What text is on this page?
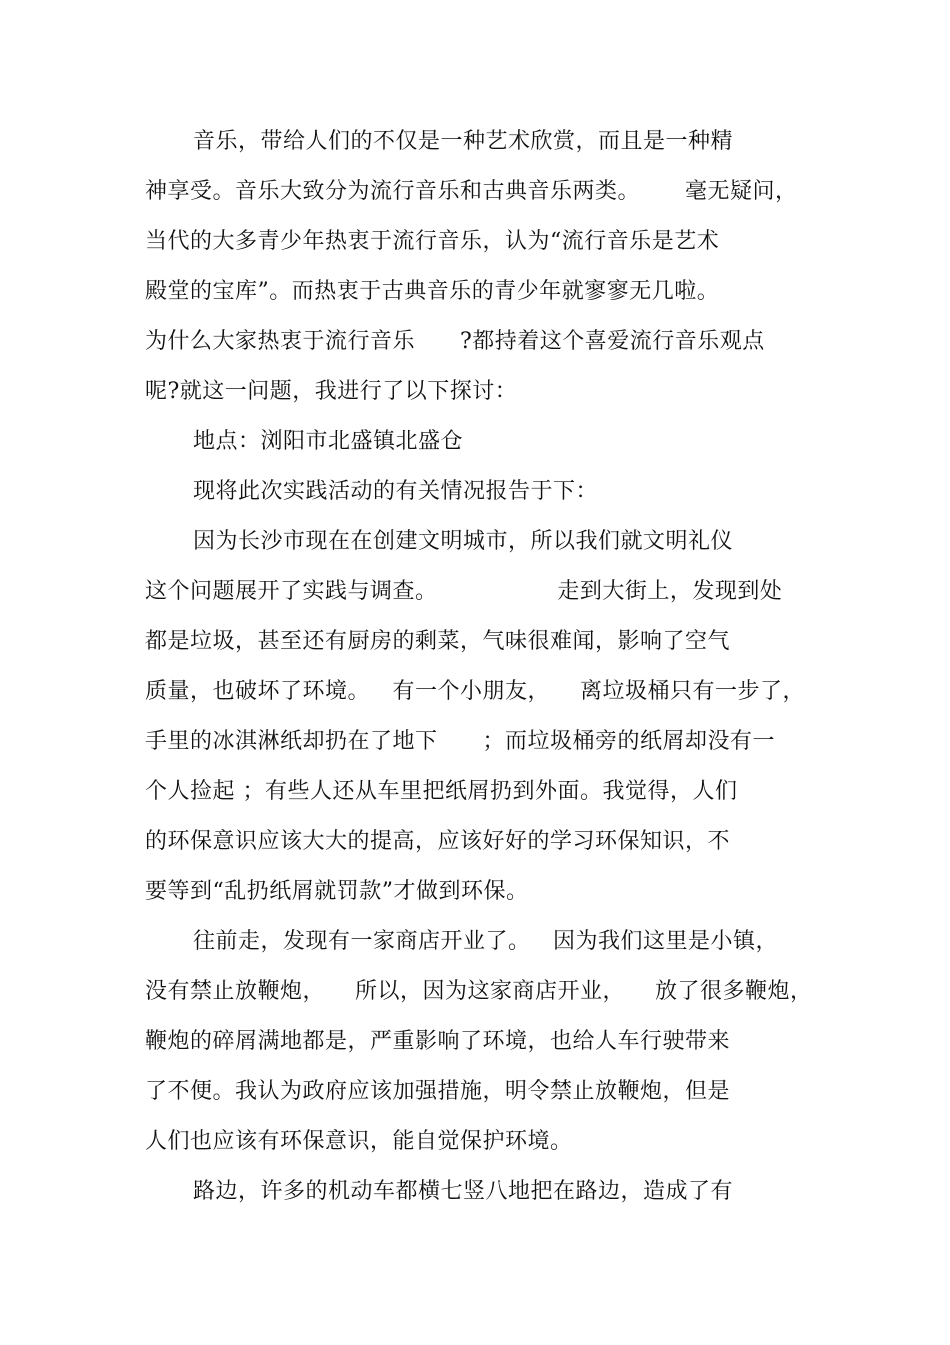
音乐，带给人们的不仅是一种艺术欣赏，而且是一种精
神享受。音乐大致分为流行音乐和古典音乐两类。      毫无疑问，
当代的大多青少年热衷于流行音乐，认为“流行音乐是艺术
殿堂的宝库”。而热衷于古典音乐的青少年就寥寥无几啦。
为什么大家热衷于流行音乐      ?都持着这个喜爱流行音乐观点
呢?就这一问题，我进行了以下探讨：
地点：浏阳市北盛镇北盛仓
现将此次实践活动的有关情况报告于下：
因为长沙市现在在创建文明城市，所以我们就文明礼仪
这个问题展开了实践与调查。                走到大街上，发现到处
都是垃圾，甚至还有厨房的剩菜，气味很难闻，影响了空气
质量，也破坏了环境。   有一个小朋友，    离垃圾桶只有一步了，
手里的冰淇淋纸却扔在了地下      ；而垃圾桶旁的纸屑却没有一
个人捡起 ；有些人还从车里把纸屑扔到外面。我觉得，人们
的环保意识应该大大的提高，应该好好的学习环保知识，不
要等到“乱扔纸屑就罚款”才做到环保。
往前走，发现有一家商店开业了。   因为我们这里是小镇，
没有禁止放鞭炮，    所以，因为这家商店开业，    放了很多鞭炮，
鞭炮的碎屑满地都是，严重影响了环境，也给人车行驶带来
了不便。我认为政府应该加强措施，明令禁止放鞭炮，但是
人们也应该有环保意识，能自觉保护环境。
路边，许多的机动车都横七竖八地把在路边，造成了有
